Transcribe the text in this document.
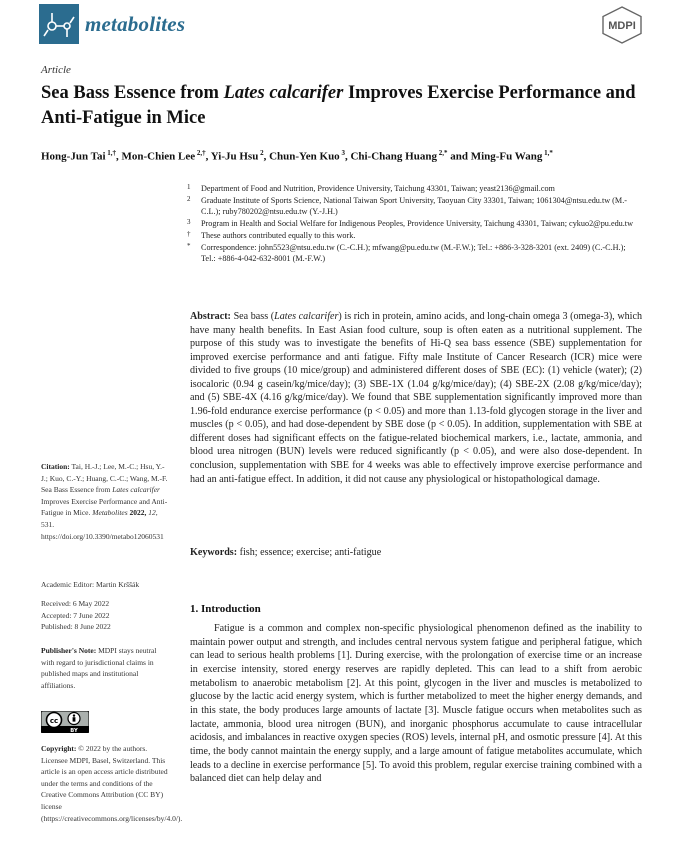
metabolites	MDPI
Article
Sea Bass Essence from Lates calcarifer Improves Exercise Performance and Anti-Fatigue in Mice
Hong-Jun Tai $^{1,\dagger}$, Mon-Chien Lee $^{2,\dagger}$, Yi-Ju Hsu $^2$, Chun-Yen Kuo $^3$, Chi-Chang Huang $^{2,*}$ and Ming-Fu Wang $^{1,*}$
1 Department of Food and Nutrition, Providence University, Taichung 43301, Taiwan; yeast2136@gmail.com
2 Graduate Institute of Sports Science, National Taiwan Sport University, Taoyuan City 33301, Taiwan; 1061304@ntsu.edu.tw (M.-C.L.); ruby780202@ntsu.edu.tw (Y.-J.H.)
3 Program in Health and Social Welfare for Indigenous Peoples, Providence University, Taichung 43301, Taiwan; cykuo2@pu.edu.tw
† These authors contributed equally to this work.
* Correspondence: john5523@ntsu.edu.tw (C.-C.H.); mfwang@pu.edu.tw (M.-F.W.); Tel.: +886-3-328-3201 (ext. 2409) (C.-C.H.); Tel.: +886-4-042-632-8001 (M.-F.W.)
Abstract: Sea bass (Lates calcarifer) is rich in protein, amino acids, and long-chain omega 3 (omega-3), which have many health benefits. In East Asian food culture, soup is often eaten as a nutritional supplement. The purpose of this study was to investigate the benefits of Hi-Q sea bass essence (SBE) supplementation for improved exercise performance and anti fatigue. Fifty male Institute of Cancer Research (ICR) mice were divided to five groups (10 mice/group) and administered different doses of SBE (EC): (1) vehicle (water); (2) isocaloric (0.94 g casein/kg/mice/day); (3) SBE-1X (1.04 g/kg/mice/day); (4) SBE-2X (2.08 g/kg/mice/day); and (5) SBE-4X (4.16 g/kg/mice/day). We found that SBE supplementation significantly improved more than 1.96-fold endurance exercise performance (p < 0.05) and more than 1.13-fold glycogen storage in the liver and muscles (p < 0.05), and had dose-dependent by SBE dose (p < 0.05). In addition, supplementation with SBE at different doses had significant effects on the fatigue-related biochemical markers, i.e., lactate, ammonia, and blood urea nitrogen (BUN) levels were reduced significantly (p < 0.05), and were also dose-dependent. In conclusion, supplementation with SBE for 4 weeks was able to effectively improve exercise performance and had an anti-fatigue effect. In addition, it did not cause any physiological or histopathological damage.
Keywords: fish; essence; exercise; anti-fatigue
Citation: Tai, H.-J.; Lee, M.-C.; Hsu, Y.-J.; Kuo, C.-Y.; Huang, C.-C.; Wang, M.-F. Sea Bass Essence from Lates calcarifer Improves Exercise Performance and Anti-Fatigue in Mice. Metabolites 2022, 12, 531. https://doi.org/10.3390/metabo12060531
Academic Editor: Martin Krššák
Received: 6 May 2022
Accepted: 7 June 2022
Published: 8 June 2022
Publisher's Note: MDPI stays neutral with regard to jurisdictional claims in published maps and institutional affiliations.
cc
BY
Copyright: © 2022 by the authors. Licensee MDPI, Basel, Switzerland. This article is an open access article distributed under the terms and conditions of the Creative Commons Attribution (CC BY) license (https://creativecommons.org/licenses/by/4.0/).
1. Introduction
Fatigue is a common and complex non-specific physiological phenomenon defined as the inability to maintain power output and strength, and includes central nervous system fatigue and peripheral fatigue, which can lead to serious health problems [1]. During exercise, with the prolongation of exercise time or an increase in exercise intensity, stored energy reserves are rapidly depleted. This can lead to a shift from aerobic metabolism to anaerobic metabolism [2]. At this point, glycogen in the liver and muscles is metabolized to glucose by the lactic acid energy system, which is further metabolized to meet the higher energy demands, and in this state, the body produces large amounts of lactate [3]. Muscle fatigue occurs when metabolites such as lactate, ammonia, blood urea nitrogen (BUN), and inorganic phosphorus accumulate to cause intracellular acidosis, and imbalances in reactive oxygen species (ROS) levels, internal pH, and osmotic pressure [4]. At this time, the body cannot maintain the energy supply, and a large amount of fatigue metabolites accumulate, which leads to a decline in exercise performance [5]. To avoid this problem, regular exercise training combined with a balanced diet can help delay and
